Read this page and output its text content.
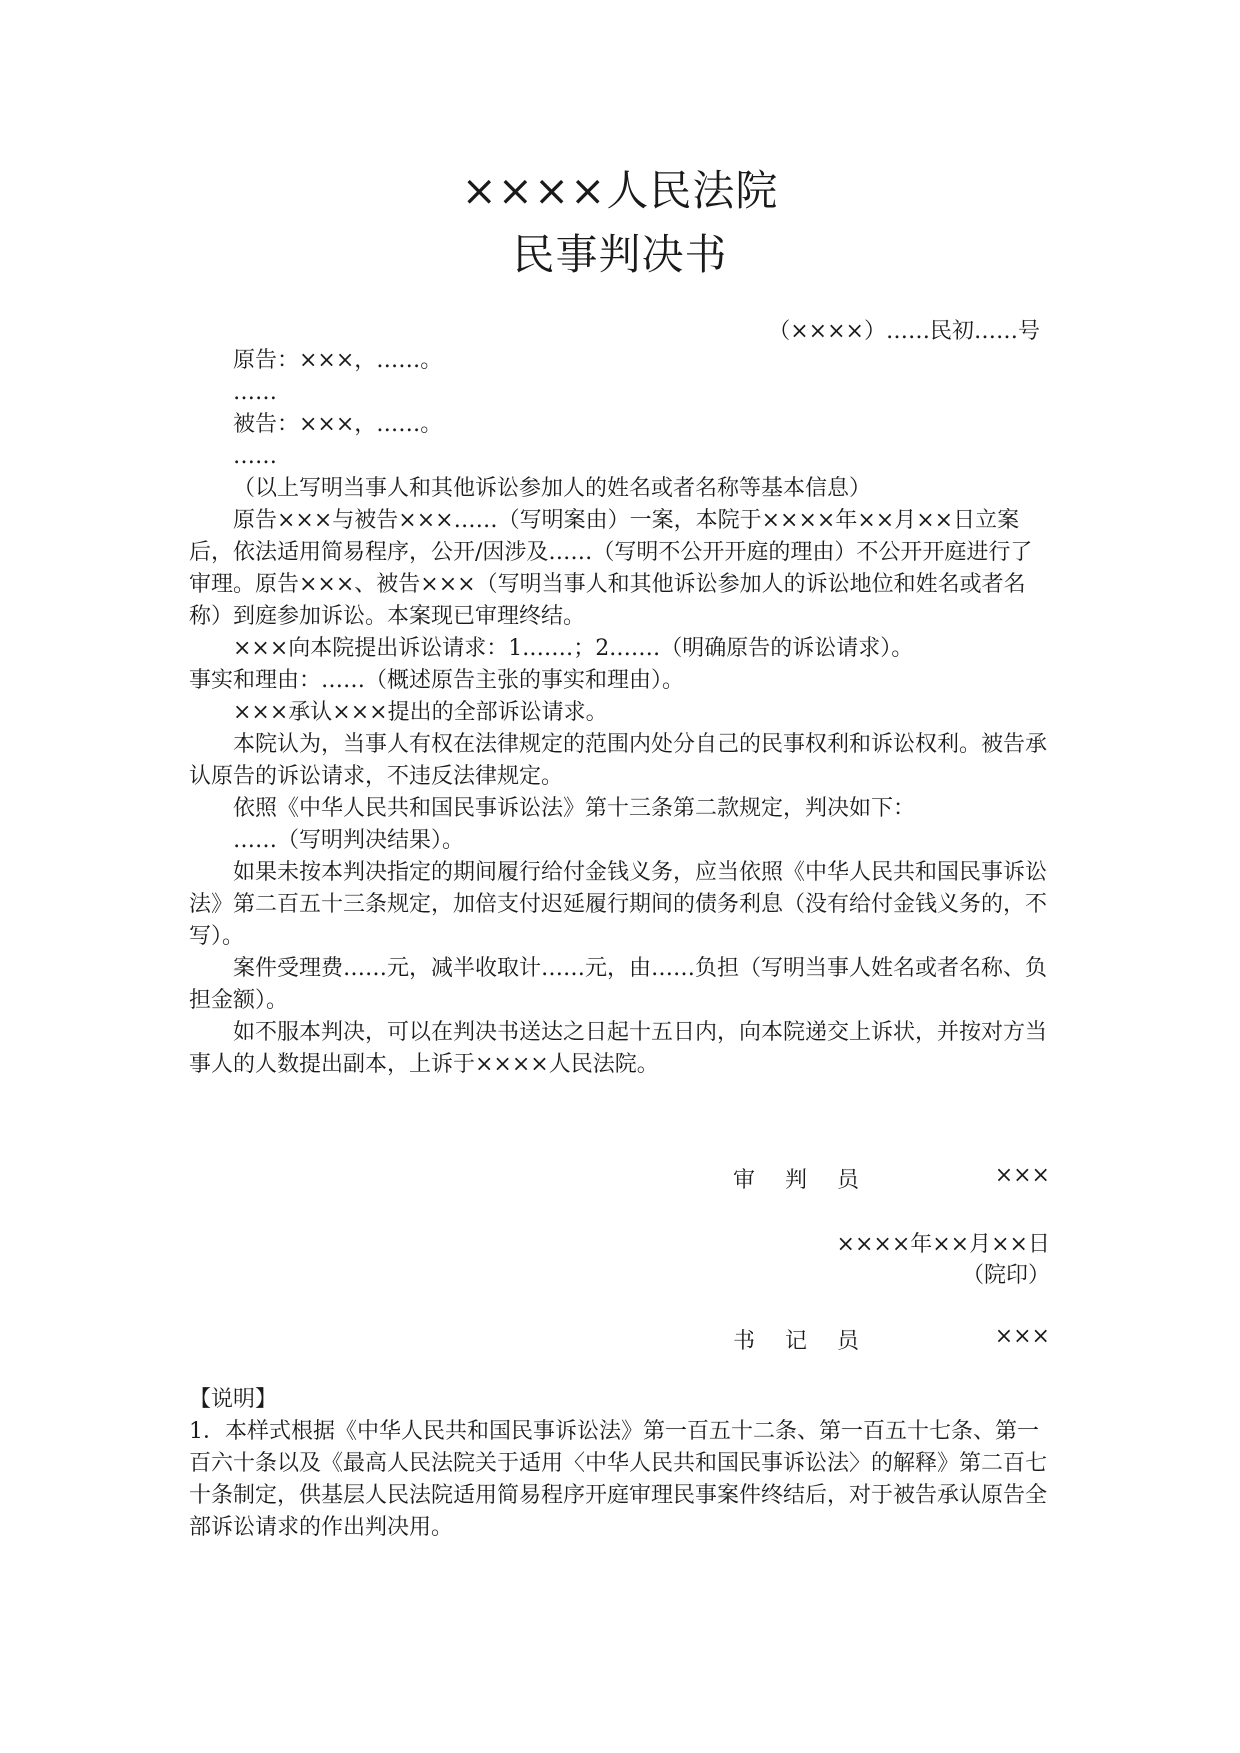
××××人民法院
民事判决书
（××××）……民初……号

原告：×××，……。

……

被告：×××，……。

……

（以上写明当事人和其他诉讼参加人的姓名或者名称等基本信息）

原告×××与被告×××……（写明案由）一案，本院于××××年××月××日立案后，依法适用简易程序，公开/因涉及……（写明不公开开庭的理由）不公开开庭进行了审理。原告×××、被告×××（写明当事人和其他诉讼参加人的诉讼地位和姓名或者名称）到庭参加诉讼。本案现已审理终结。

×××向本院提出诉讼请求：1.……；2.……（明确原告的诉讼请求）。

事实和理由：……（概述原告主张的事实和理由）。

×××承认×××提出的全部诉讼请求。

本院认为，当事人有权在法律规定的范围内处分自己的民事权利和诉讼权利。被告承认原告的诉讼请求，不违反法律规定。

依照《中华人民共和国民事诉讼法》第十三条第二款规定，判决如下：

……（写明判决结果）。

如果未按本判决指定的期间履行给付金钱义务，应当依照《中华人民共和国民事诉讼法》第二百五十三条规定，加倍支付迟延履行期间的债务利息（没有给付金钱义务的，不写）。

案件受理费……元，减半收取计……元，由……负担（写明当事人姓名或者名称、负担金额）。

如不服本判决，可以在判决书送达之日起十五日内，向本院递交上诉状，并按对方当事人的人数提出副本，上诉于××××人民法院。

审判员	×××
××××年××月××日
（院印）
书记员	×××

【说明】

1．本样式根据《中华人民共和国民事诉讼法》第一百五十二条、第一百五十七条、第一百六十条以及《最高人民法院关于适用〈中华人民共和国民事诉讼法〉的解释》第二百七十条制定，供基层人民法院适用简易程序开庭审理民事案件终结后，对于被告承认原告全部诉讼请求的作出判决用。
